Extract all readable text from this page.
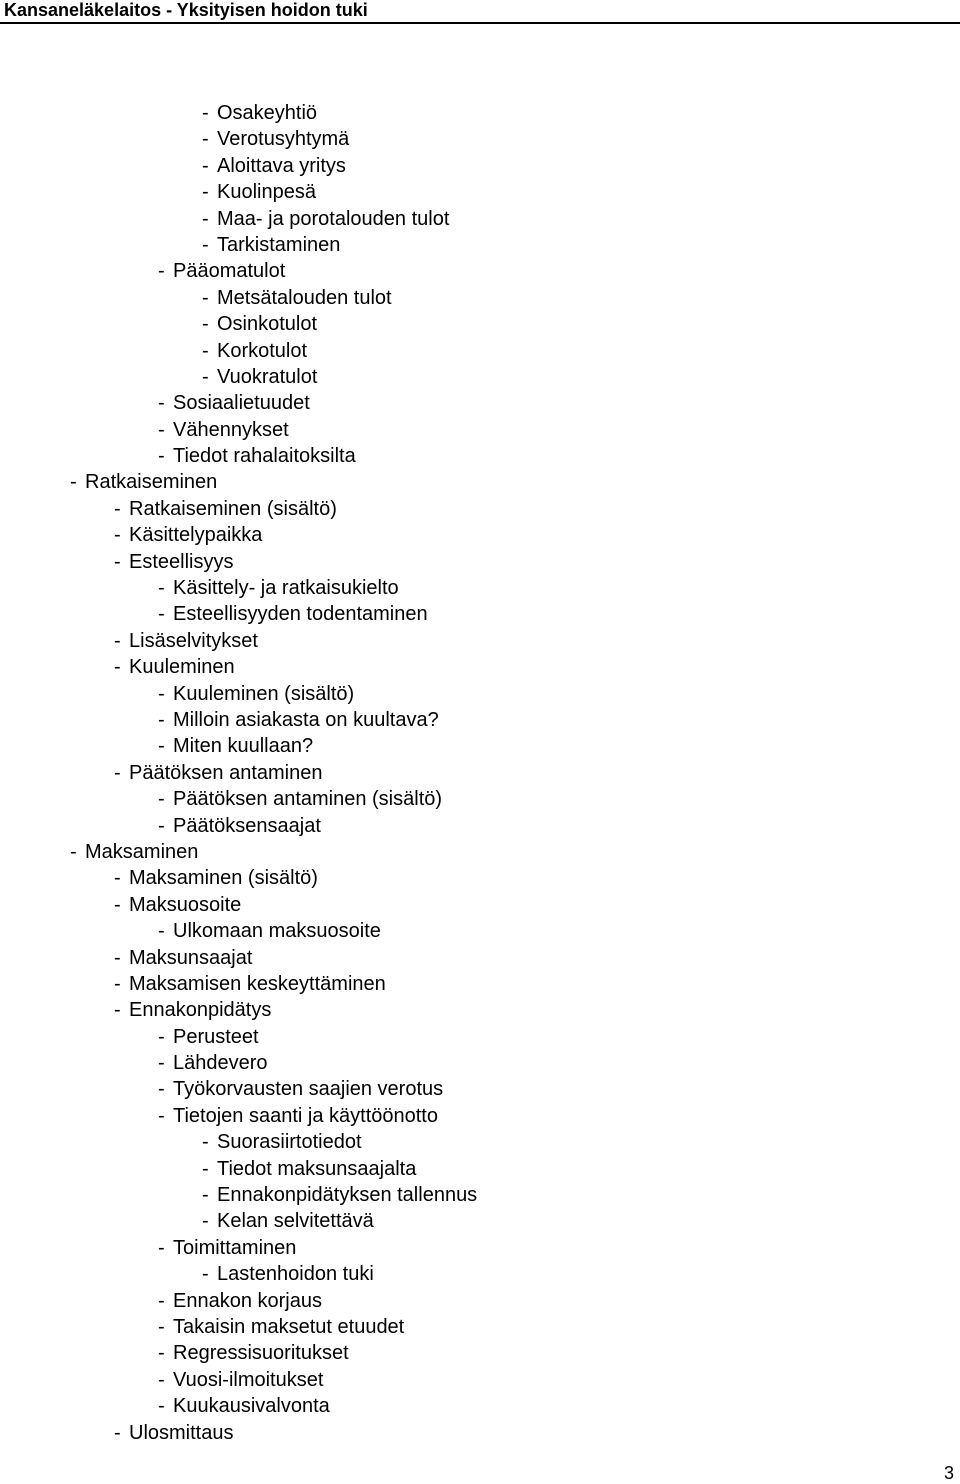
Kansaneläkelaitos - Yksityisen hoidon tuki
- Osakeyhtiö
- Verotusyhtymä
- Aloittava yritys
- Kuolinpesä
- Maa- ja porotalouden tulot
- Tarkistaminen
- Pääomatulot
- Metsätalouden tulot
- Osinkotulot
- Korkotulot
- Vuokratulot
- Sosiaalietuudet
- Vähennykset
- Tiedot rahalaitoksilta
- Ratkaiseminen
- Ratkaiseminen (sisältö)
- Käsittelypaikka
- Esteellisyys
- Käsittely- ja ratkaisukielto
- Esteellisyyden todentaminen
- Lisäselvitykset
- Kuuleminen
- Kuuleminen (sisältö)
- Milloin asiakasta on kuultava?
- Miten kuullaan?
- Päätöksen antaminen
- Päätöksen antaminen (sisältö)
- Päätöksensaajat
- Maksaminen
- Maksaminen (sisältö)
- Maksuosoite
- Ulkomaan maksuosoite
- Maksunsaajat
- Maksamisen keskeyttäminen
- Ennakonpidätys
- Perusteet
- Lähdevero
- Työkorvausten saajien verotus
- Tietojen saanti ja käyttöönotto
- Suorasiirtotiedot
- Tiedot maksunsaajalta
- Ennakonpidätyksen tallennus
- Kelan selvitettävä
- Toimittaminen
- Lastenhoidon tuki
- Ennakon korjaus
- Takaisin maksetut etuudet
- Regressisuoritukset
- Vuosi-ilmoitukset
- Kuukausivalvonta
- Ulosmittaus
3
